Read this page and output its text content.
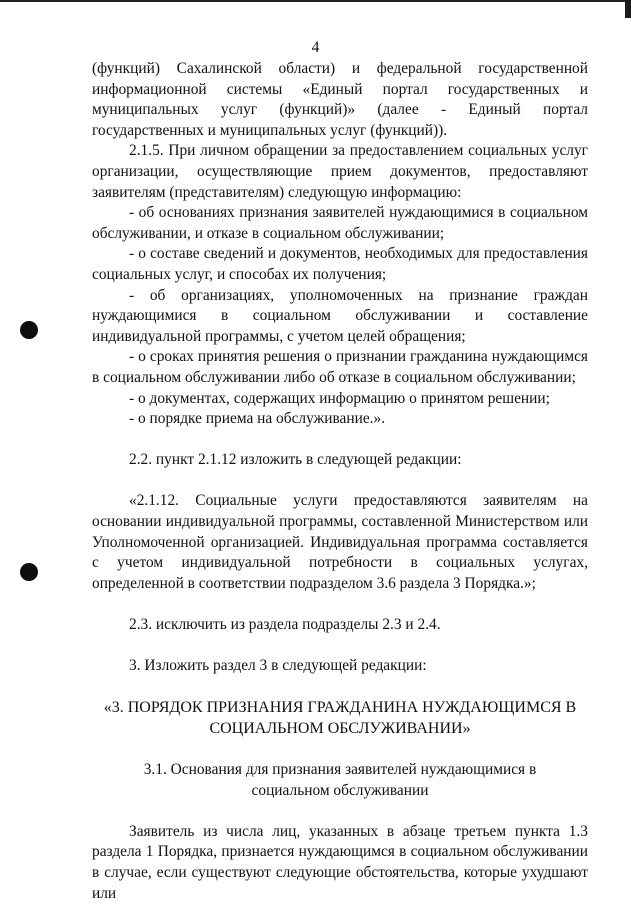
4

(функций) Сахалинской области) и федеральной государственной информационной системы «Единый портал государственных и муниципальных услуг (функций)» (далее - Единый портал государственных и муниципальных услуг (функций)).

2.1.5. При личном обращении за предоставлением социальных услуг организации, осуществляющие прием документов, предоставляют заявителям (представителям) следующую информацию:

- об основаниях признания заявителей нуждающимися в социальном обслуживании, и отказе в социальном обслуживании;

- о составе сведений и документов, необходимых для предоставления социальных услуг, и способах их получения;

- об организациях, уполномоченных на признание граждан нуждающимися в социальном обслуживании и составление индивидуальной программы, с учетом целей обращения;

- о сроках принятия решения о признании гражданина нуждающимся в социальном обслуживании либо об отказе в социальном обслуживании;

- о документах, содержащих информацию о принятом решении;

- о порядке приема на обслуживание.».

2.2. пункт 2.1.12 изложить в следующей редакции:

«2.1.12. Социальные услуги предоставляются заявителям на основании индивидуальной программы, составленной Министерством или Уполномоченной организацией. Индивидуальная программа составляется с учетом индивидуальной потребности в социальных услугах, определенной в соответствии подразделом 3.6 раздела 3 Порядка.»;

2.3. исключить из раздела подразделы 2.3 и 2.4.

3. Изложить раздел 3 в следующей редакции:

«3. ПОРЯДОК ПРИЗНАНИЯ ГРАЖДАНИНА НУЖДАЮЩИМСЯ В

СОЦИАЛЬНОМ ОБСЛУЖИВАНИИ»

3.1. Основания для признания заявителей нуждающимися в

социальном обслуживании

Заявитель из числа лиц, указанных в абзаце третьем пункта 1.3 раздела 1 Порядка, признается нуждающимся в социальном обслуживании в случае, если существуют следующие обстоятельства, которые ухудшают или
